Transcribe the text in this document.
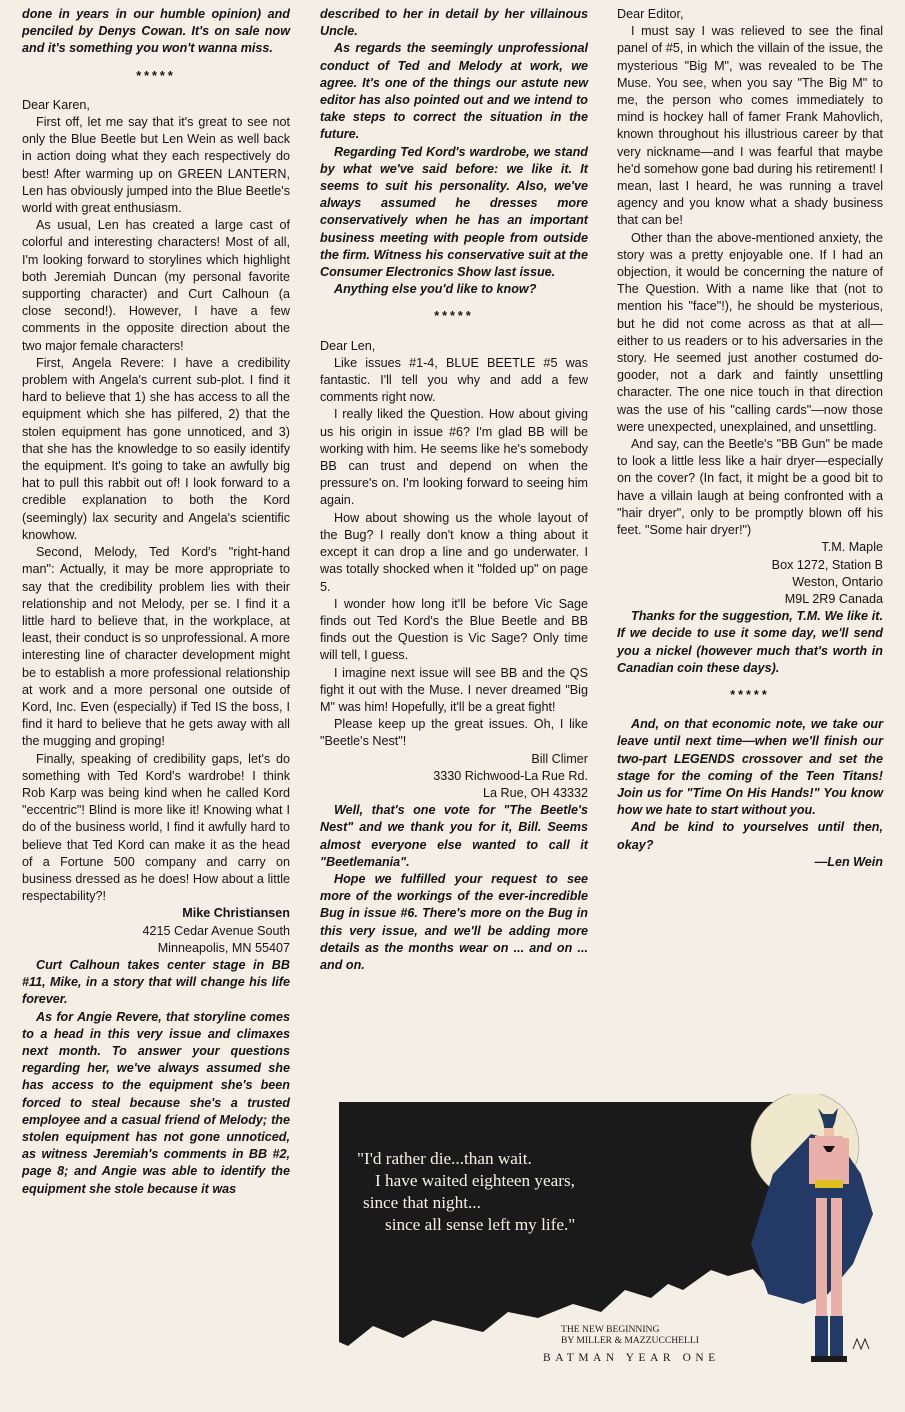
done in years in our humble opinion) and penciled by Denys Cowan. It's on sale now and it's something you won't wanna miss.

*****

Dear Karen,

First off, let me say that it's great to see not only the Blue Beetle but Len Wein as well back in action doing what they each respectively do best! After warming up on GREEN LANTERN, Len has obviously jumped into the Blue Beetle's world with great enthusiasm.

As usual, Len has created a large cast of colorful and interesting characters! Most of all, I'm looking forward to storylines which highlight both Jeremiah Duncan (my personal favorite supporting character) and Curt Calhoun (a close second!). However, I have a few comments in the opposite direction about the two major female characters!

First, Angela Revere: I have a credibility problem with Angela's current sub-plot. I find it hard to believe that 1) she has access to all the equipment which she has pilfered, 2) that the stolen equipment has gone unnoticed, and 3) that she has the knowledge to so easily identify the equipment. It's going to take an awfully big hat to pull this rabbit out of! I look forward to a credible explanation to both the Kord (seemingly) lax security and Angela's scientific knowhow.

Second, Melody, Ted Kord's "right-hand man": Actually, it may be more appropriate to say that the credibility problem lies with their relationship and not Melody, per se. I find it a little hard to believe that, in the workplace, at least, their conduct is so unprofessional. A more interesting line of character development might be to establish a more professional relationship at work and a more personal one outside of Kord, Inc. Even (especially) if Ted IS the boss, I find it hard to believe that he gets away with all the mugging and groping!

Finally, speaking of credibility gaps, let's do something with Ted Kord's wardrobe! I think Rob Karp was being kind when he called Kord "eccentric"! Blind is more like it! Knowing what I do of the business world, I find it awfully hard to believe that Ted Kord can make it as the head of a Fortune 500 company and carry on business dressed as he does! How about a little respectability?!

Mike Christiansen

4215 Cedar Avenue South

Minneapolis, MN 55407

Curt Calhoun takes center stage in BB #11, Mike, in a story that will change his life forever.

As for Angie Revere, that storyline comes to a head in this very issue and climaxes next month. To answer your questions regarding her, we've always assumed she has access to the equipment she's been forced to steal because she's a trusted employee and a casual friend of Melody; the stolen equipment has not gone unnoticed, as witness Jeremiah's comments in BB #2, page 8; and Angie was able to identify the equipment she stole because it was

described to her in detail by her villainous Uncle.

As regards the seemingly unprofessional conduct of Ted and Melody at work, we agree. It's one of the things our astute new editor has also pointed out and we intend to take steps to correct the situation in the future.

Regarding Ted Kord's wardrobe, we stand by what we've said before: we like it. It seems to suit his personality. Also, we've always assumed he dresses more conservatively when he has an important business meeting with people from outside the firm. Witness his conservative suit at the Consumer Electronics Show last issue.

Anything else you'd like to know?

*****

Dear Len,

Like issues #1-4, BLUE BEETLE #5 was fantastic. I'll tell you why and add a few comments right now.

I really liked the Question. How about giving us his origin in issue #6? I'm glad BB will be working with him. He seems like he's somebody BB can trust and depend on when the pressure's on. I'm looking forward to seeing him again.

How about showing us the whole layout of the Bug? I really don't know a thing about it except it can drop a line and go underwater. I was totally shocked when it "folded up" on page 5.

I wonder how long it'll be before Vic Sage finds out Ted Kord's the Blue Beetle and BB finds out the Question is Vic Sage? Only time will tell, I guess.

I imagine next issue will see BB and the QS fight it out with the Muse. I never dreamed "Big M" was him! Hopefully, it'll be a great fight!

Please keep up the great issues. Oh, I like "Beetle's Nest"!

Bill Climer

3330 Richwood-La Rue Rd.

La Rue, OH 43332

Well, that's one vote for "The Beetle's Nest" and we thank you for it, Bill. Seems almost everyone else wanted to call it "Beetlemania".

Hope we fulfilled your request to see more of the workings of the ever-incredible Bug in issue #6. There's more on the Bug in this very issue, and we'll be adding more details as the months wear on ... and on ... and on.

Dear Editor,

I must say I was relieved to see the final panel of #5, in which the villain of the issue, the mysterious "Big M", was revealed to be The Muse. You see, when you say "The Big M" to me, the person who comes immediately to mind is hockey hall of famer Frank Mahovlich, known throughout his illustrious career by that very nickname—and I was fearful that maybe he'd somehow gone bad during his retirement! I mean, last I heard, he was running a travel agency and you know what a shady business that can be!

Other than the above-mentioned anxiety, the story was a pretty enjoyable one. If I had an objection, it would be concerning the nature of The Question. With a name like that (not to mention his "face"!), he should be mysterious, but he did not come across as that at all—either to us readers or to his adversaries in the story. He seemed just another costumed do-gooder, not a dark and faintly unsettling character. The one nice touch in that direction was the use of his "calling cards"—now those were unexpected, unexplained, and unsettling.

And say, can the Beetle's "BB Gun" be made to look a little less like a hair dryer—especially on the cover? (In fact, it might be a good bit to have a villain laugh at being confronted with a "hair dryer", only to be promptly blown off his feet. "Some hair dryer!")

T.M. Maple

Box 1272, Station B

Weston, Ontario

M9L 2R9 Canada

Thanks for the suggestion, T.M. We like it. If we decide to use it some day, we'll send you a nickel (however much that's worth in Canadian coin these days).

*****

And, on that economic note, we take our leave until next time—when we'll finish our two-part LEGENDS crossover and set the stage for the coming of the Teen Titans! Join us for "Time On His Hands!" You know how we hate to start without you.

And be kind to yourselves until then, okay?

—Len Wein

"I'd rather die...than wait.
I have waited eighteen years,
since that night...
since all sense left my life."
THE NEW BEGINNING
BY MILLER & MAZZUCCHELLI
BATMAN YEAR ONE
